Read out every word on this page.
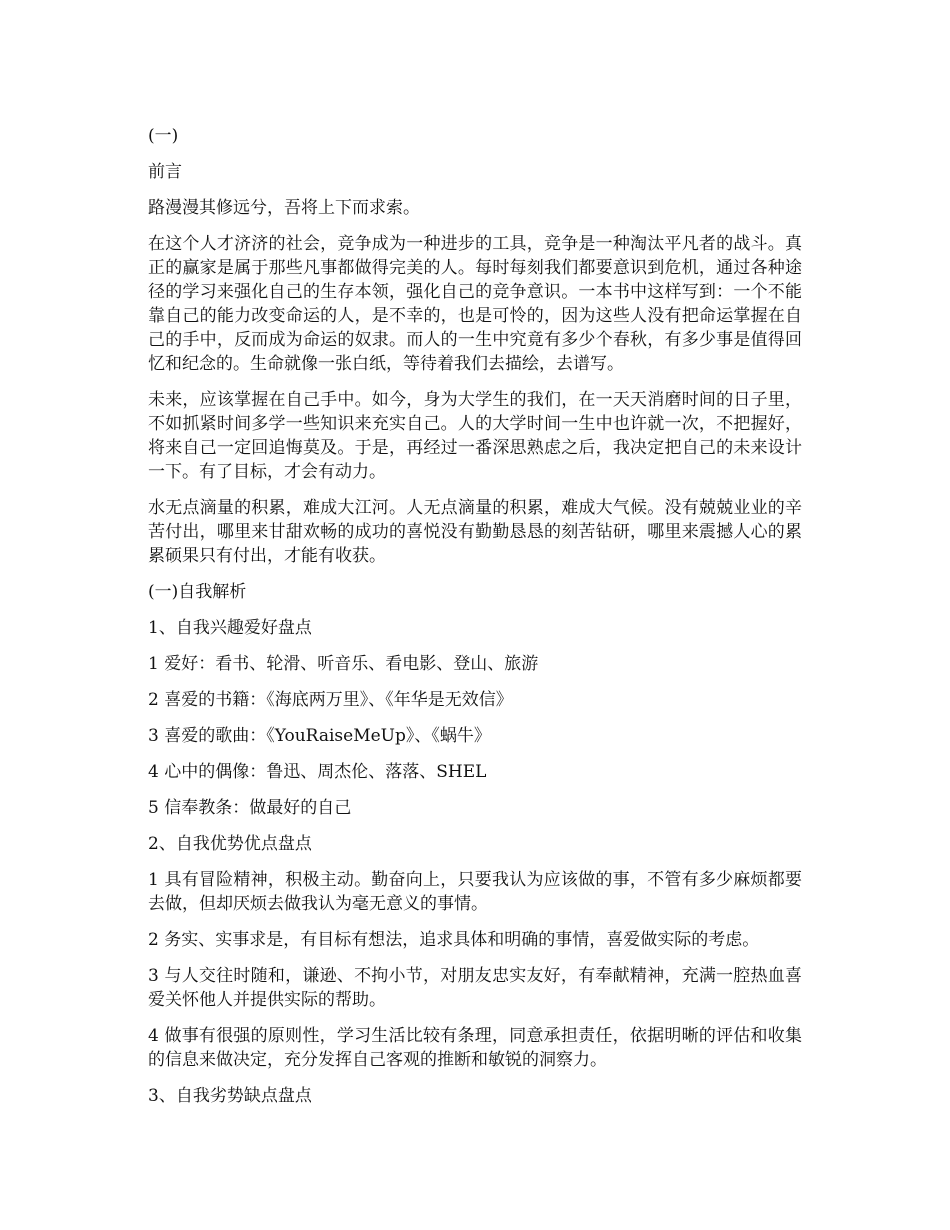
(一)

前言

路漫漫其修远兮，吾将上下而求索。

在这个人才济济的社会，竞争成为一种进步的工具，竞争是一种淘汰平凡者的战斗。真正的赢家是属于那些凡事都做得完美的人。每时每刻我们都要意识到危机，通过各种途径的学习来强化自己的生存本领，强化自己的竞争意识。一本书中这样写到：一个不能靠自己的能力改变命运的人，是不幸的，也是可怜的，因为这些人没有把命运掌握在自己的手中，反而成为命运的奴隶。而人的一生中究竟有多少个春秋，有多少事是值得回忆和纪念的。生命就像一张白纸，等待着我们去描绘，去谱写。

未来，应该掌握在自己手中。如今，身为大学生的我们，在一天天消磨时间的日子里，不如抓紧时间多学一些知识来充实自己。人的大学时间一生中也许就一次，不把握好，将来自己一定回追悔莫及。于是，再经过一番深思熟虑之后，我决定把自己的未来设计一下。有了目标，才会有动力。

水无点滴量的积累，难成大江河。人无点滴量的积累，难成大气候。没有兢兢业业的辛苦付出，哪里来甘甜欢畅的成功的喜悦没有勤勤恳恳的刻苦钻研，哪里来震撼人心的累累硕果只有付出，才能有收获。

(一)自我解析

1、自我兴趣爱好盘点

1 爱好：看书、轮滑、听音乐、看电影、登山、旅游

2 喜爱的书籍：《海底两万里》、《年华是无效信》

3 喜爱的歌曲：《YouRaiseMeUp》、《蜗牛》

4 心中的偶像：鲁迅、周杰伦、落落、SHEL

5 信奉教条：做最好的自己

2、自我优势优点盘点

1 具有冒险精神，积极主动。勤奋向上，只要我认为应该做的事，不管有多少麻烦都要去做，但却厌烦去做我认为毫无意义的事情。

2 务实、实事求是，有目标有想法，追求具体和明确的事情，喜爱做实际的考虑。

3 与人交往时随和，谦逊、不拘小节，对朋友忠实友好，有奉献精神，充满一腔热血喜爱关怀他人并提供实际的帮助。

4 做事有很强的原则性，学习生活比较有条理，同意承担责任，依据明晰的评估和收集的信息来做决定，充分发挥自己客观的推断和敏锐的洞察力。

3、自我劣势缺点盘点
